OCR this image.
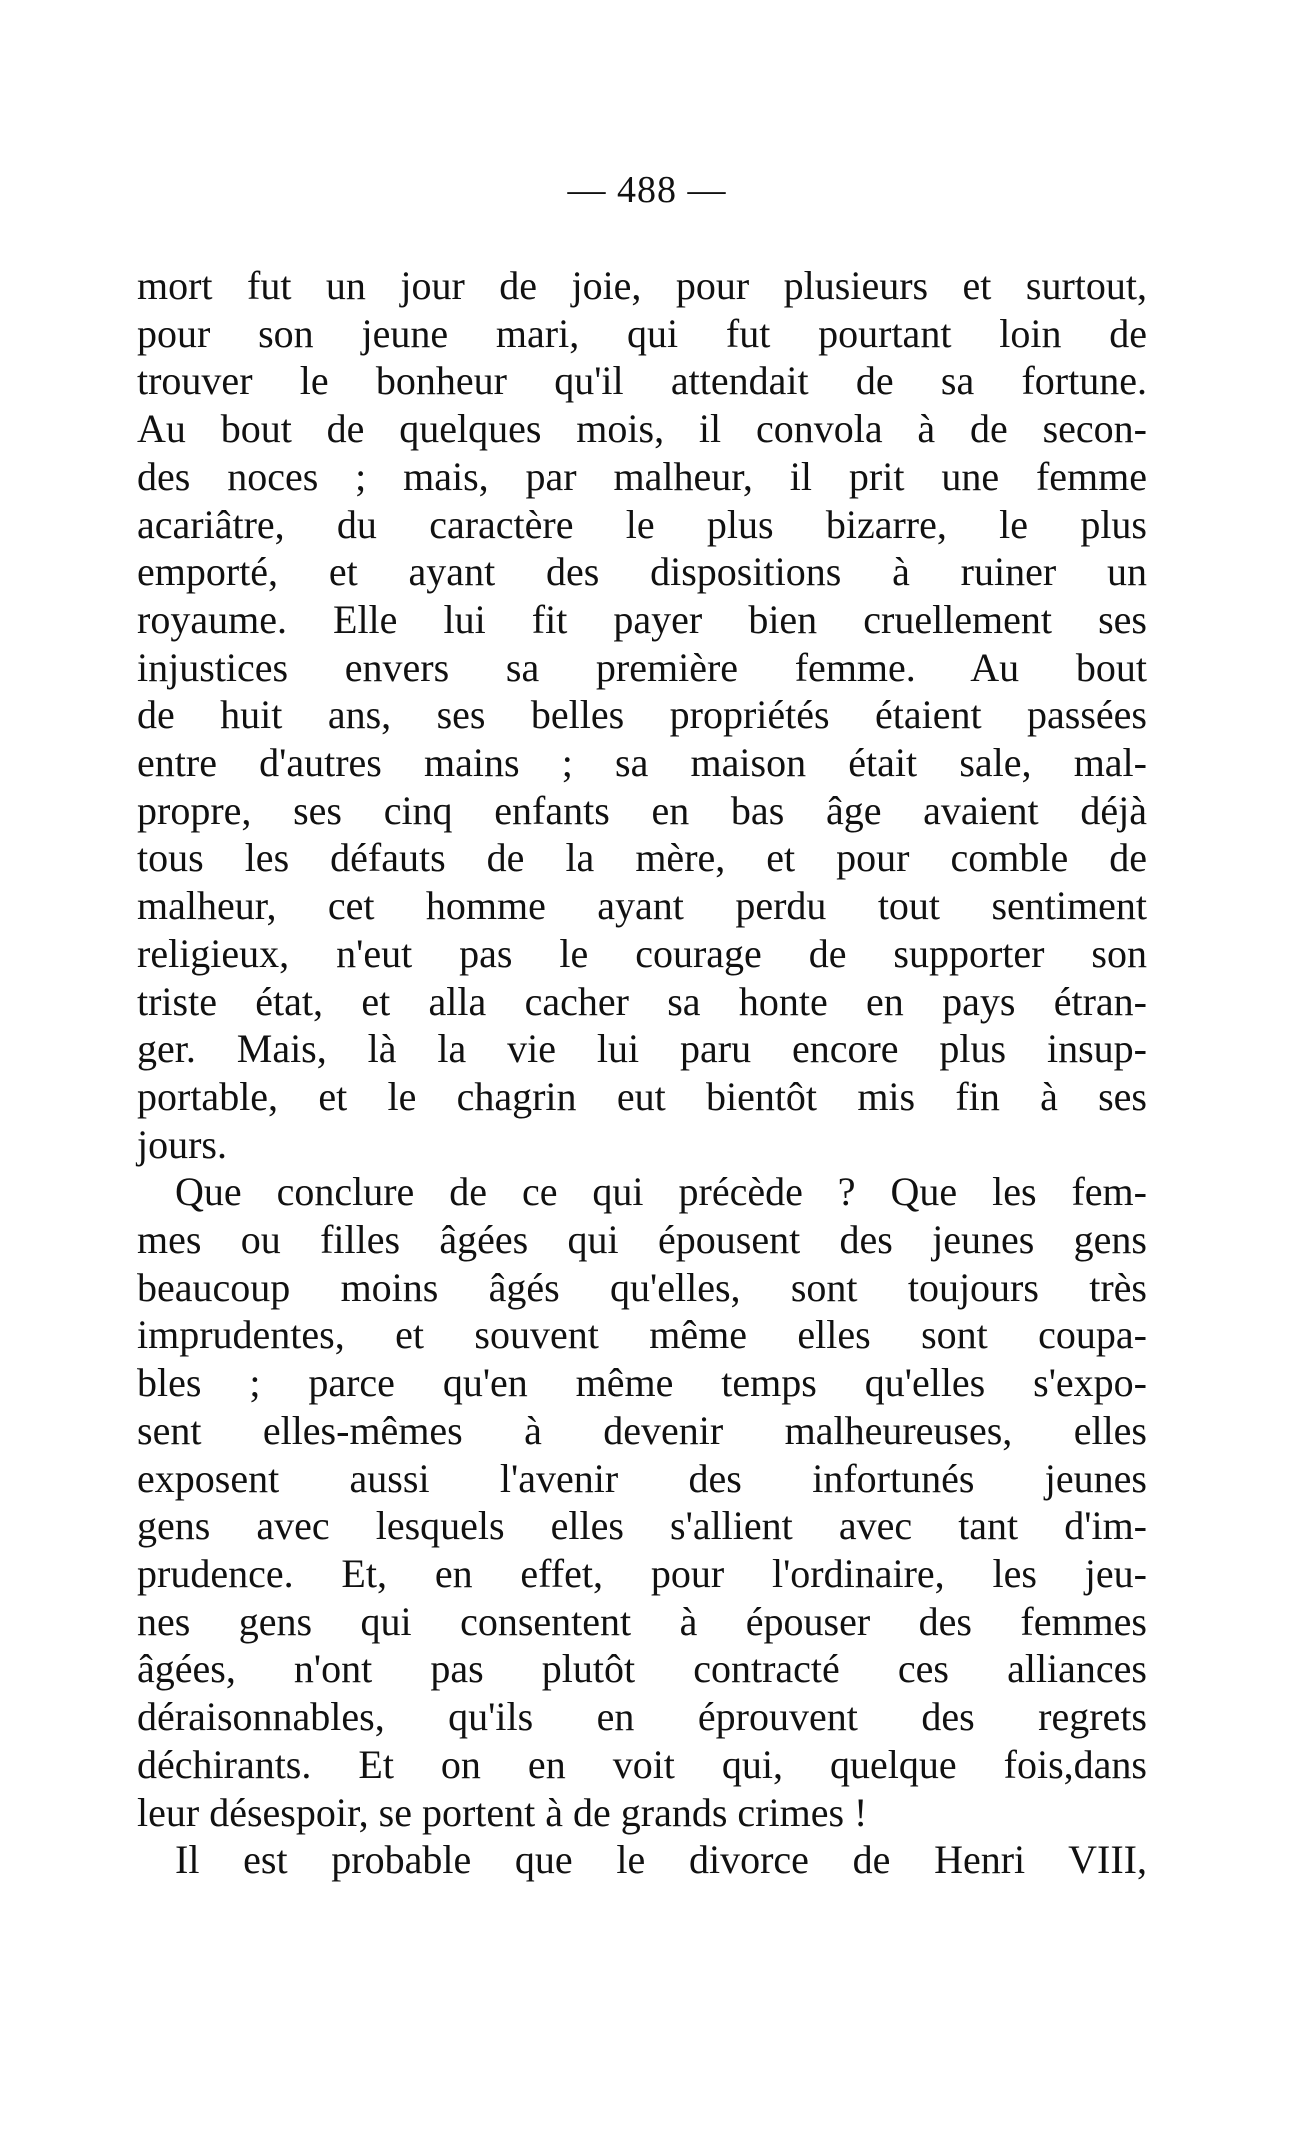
— 488 —
mort fut un jour de joie, pour plusieurs et surtout,
pour son jeune mari, qui fut pourtant loin de
trouver le bonheur qu'il attendait de sa fortune.
Au bout de quelques mois, il convola à de secon-
des noces ; mais, par malheur, il prit une femme
acariâtre, du caractère le plus bizarre, le plus
emporté, et ayant des dispositions à ruiner un
royaume. Elle lui fit payer bien cruellement ses
injustices envers sa première femme. Au bout
de huit ans, ses belles propriétés étaient passées
entre d'autres mains ; sa maison était sale, mal-
propre, ses cinq enfants en bas âge avaient déjà
tous les défauts de la mère, et pour comble de
malheur, cet homme ayant perdu tout sentiment
religieux, n'eut pas le courage de supporter son
triste état, et alla cacher sa honte en pays étran-
ger. Mais, là la vie lui paru encore plus insup-
portable, et le chagrin eut bientôt mis fin à ses
jours.
Que conclure de ce qui précède ? Que les fem-
mes ou filles âgées qui épousent des jeunes gens
beaucoup moins âgés qu'elles, sont toujours très
imprudentes, et souvent même elles sont coupa-
bles ; parce qu'en même temps qu'elles s'expo-
sent elles-mêmes à devenir malheureuses, elles
exposent aussi l'avenir des infortunés jeunes
gens avec lesquels elles s'allient avec tant d'im-
prudence. Et, en effet, pour l'ordinaire, les jeu-
nes gens qui consentent à épouser des femmes
âgées, n'ont pas plutôt contracté ces alliances
déraisonnables, qu'ils en éprouvent des regrets
déchirants. Et on en voit qui, quelque fois,dans
leur désespoir, se portent à de grands crimes !
Il est probable que le divorce de Henri VIII,
